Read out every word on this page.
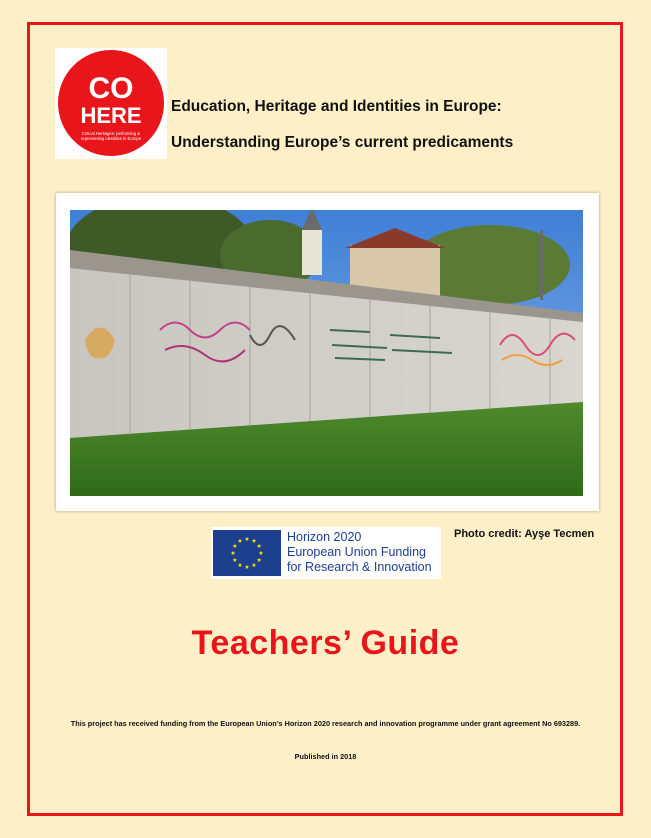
CO
HERE
Critical Heritages: performing &
representing identities in Europe
Education, Heritage and Identities in Europe:
Understanding Europe’s current predicaments
Photo credit: Ayşe Tecmen
Horizon 2020
European Union Funding
for Research & Innovation
Teachers’ Guide
This project has received funding from the European Union’s Horizon 2020 research and innovation programme under grant agreement No 693289.
Published in 2018
